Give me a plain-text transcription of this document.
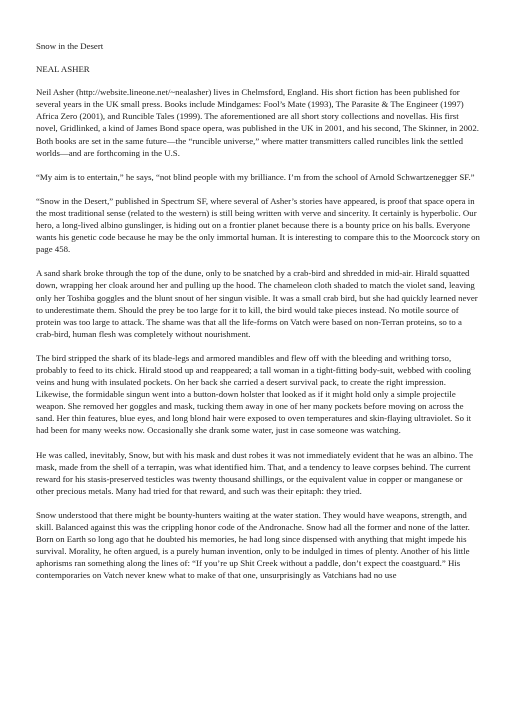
Snow in the Desert

NEAL ASHER

Neil Asher (http://website.lineone.net/~nealasher) lives in Chelmsford, England. His short fiction has been published for several years in the UK small press. Books include Mindgames: Fool’s Mate (1993), The Parasite & The Engineer (1997) Africa Zero (2001), and Runcible Tales (1999). The aforementioned are all short story collections and novellas. His first novel, Gridlinked, a kind of James Bond space opera, was published in the UK in 2001, and his second, The Skinner, in 2002. Both books are set in the same future—the “runcible universe,” where matter transmitters called runcibles link the settled worlds—and are forthcoming in the U.S.

“My aim is to entertain,” he says, “not blind people with my brilliance. I’m from the school of Arnold Schwartzenegger SF.”

“Snow in the Desert,” published in Spectrum SF, where several of Asher’s stories have appeared, is proof that space opera in the most traditional sense (related to the western) is still being written with verve and sincerity. It certainly is hyperbolic. Our hero, a long-lived albino gunslinger, is hiding out on a frontier planet because there is a bounty price on his balls. Everyone wants his genetic code because he may be the only immortal human. It is interesting to compare this to the Moorcock story on page 458.

A sand shark broke through the top of the dune, only to be snatched by a crab-bird and shredded in mid-air. Hirald squatted down, wrapping her cloak around her and pulling up the hood. The chameleon cloth shaded to match the violet sand, leaving only her Toshiba goggles and the blunt snout of her singun visible. It was a small crab bird, but she had quickly learned never to underestimate them. Should the prey be too large for it to kill, the bird would take pieces instead. No motile source of protein was too large to attack. The shame was that all the life-forms on Vatch were based on non-Terran proteins, so to a crab-bird, human flesh was completely without nourishment.

The bird stripped the shark of its blade-legs and armored mandibles and flew off with the bleeding and writhing torso, probably to feed to its chick. Hirald stood up and reappeared; a tall woman in a tight-fitting body-suit, webbed with cooling veins and hung with insulated pockets. On her back she carried a desert survival pack, to create the right impression. Likewise, the formidable singun went into a button-down holster that looked as if it might hold only a simple projectile weapon. She removed her goggles and mask, tucking them away in one of her many pockets before moving on across the sand. Her thin features, blue eyes, and long blond hair were exposed to oven temperatures and skin-flaying ultraviolet. So it had been for many weeks now. Occasionally she drank some water, just in case someone was watching.

He was called, inevitably, Snow, but with his mask and dust robes it was not immediately evident that he was an albino. The mask, made from the shell of a terrapin, was what identified him. That, and a tendency to leave corpses behind. The current reward for his stasis-preserved testicles was twenty thousand shillings, or the equivalent value in copper or manganese or other precious metals. Many had tried for that reward, and such was their epitaph: they tried.

Snow understood that there might be bounty-hunters waiting at the water station. They would have weapons, strength, and skill. Balanced against this was the crippling honor code of the Andronache. Snow had all the former and none of the latter. Born on Earth so long ago that he doubted his memories, he had long since dispensed with anything that might impede his survival. Morality, he often argued, is a purely human invention, only to be indulged in times of plenty. Another of his little aphorisms ran something along the lines of: “If you’re up Shit Creek without a paddle, don’t expect the coastguard.” His contemporaries on Vatch never knew what to make of that one, unsurprisingly as Vatchians had no use
